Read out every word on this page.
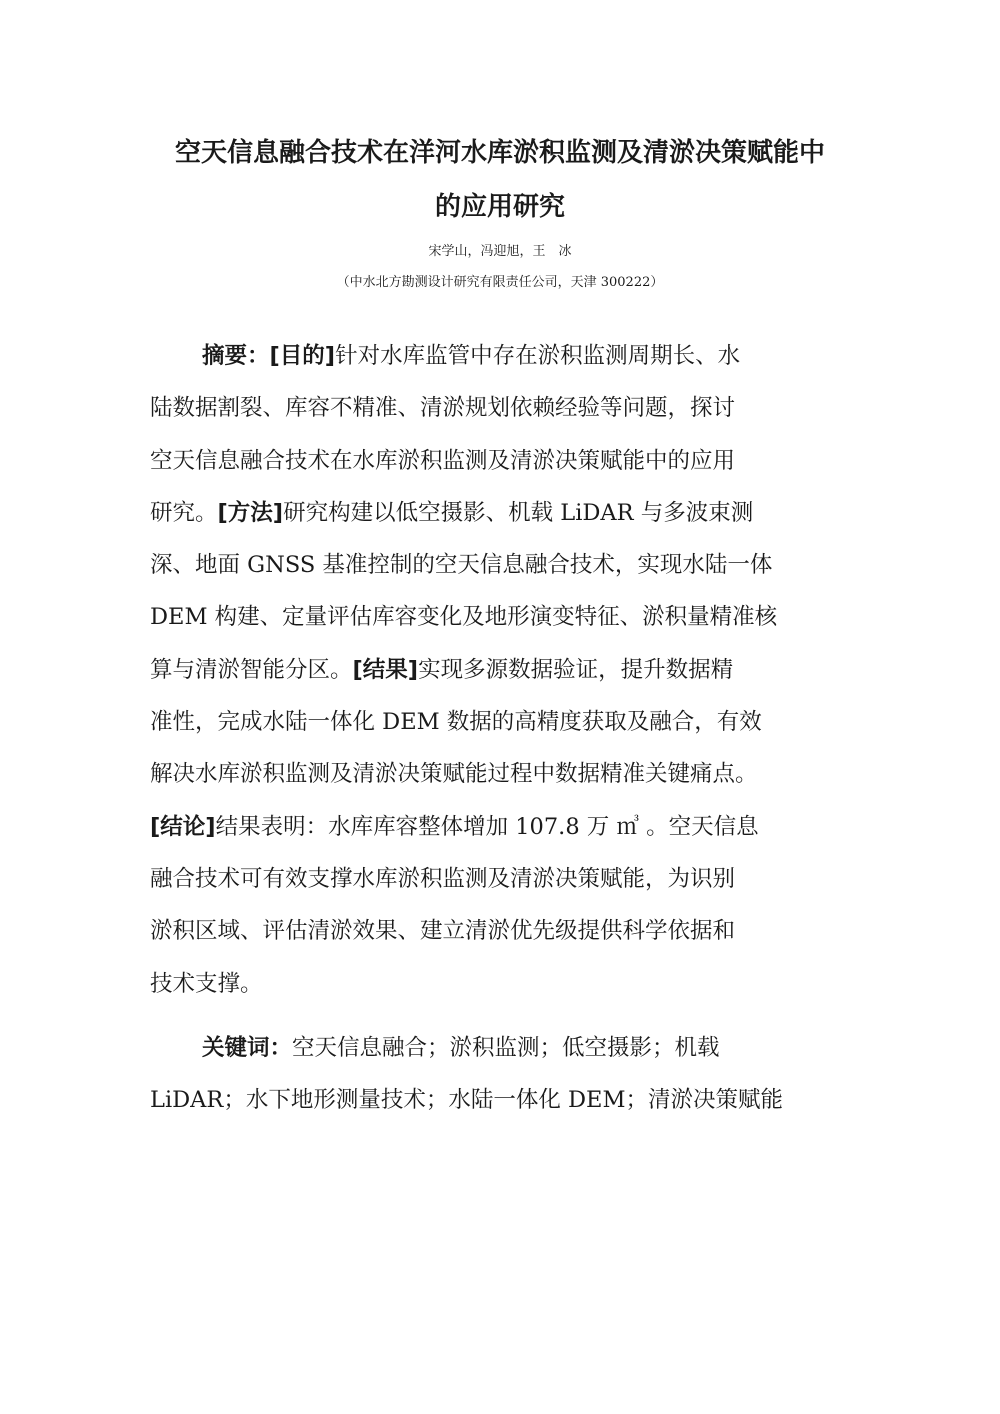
空天信息融合技术在洋河水库淤积监测及清淤决策赋能中
的应用研究
宋学山，冯迎旭，王　冰
（中水北方勘测设计研究有限责任公司，天津 300222）
摘要：[目的]针对水库监管中存在淤积监测周期长、水
陆数据割裂、库容不精准、清淤规划依赖经验等问题，探讨
空天信息融合技术在水库淤积监测及清淤决策赋能中的应用
研究。[方法]研究构建以低空摄影、机载 LiDAR 与多波束测
深、地面 GNSS 基准控制的空天信息融合技术，实现水陆一体
DEM 构建、定量评估库容变化及地形演变特征、淤积量精准核
算与清淤智能分区。[结果]实现多源数据验证，提升数据精
准性，完成水陆一体化 DEM 数据的高精度获取及融合，有效
解决水库淤积监测及清淤决策赋能过程中数据精准关键痛点。
[结论]结果表明：水库库容整体增加 107.8 万 ㎥ 。空天信息
融合技术可有效支撑水库淤积监测及清淤决策赋能，为识别
淤积区域、评估清淤效果、建立清淤优先级提供科学依据和
技术支撑。
关键词：空天信息融合；淤积监测；低空摄影；机载
LiDAR；水下地形测量技术；水陆一体化 DEM；清淤决策赋能
